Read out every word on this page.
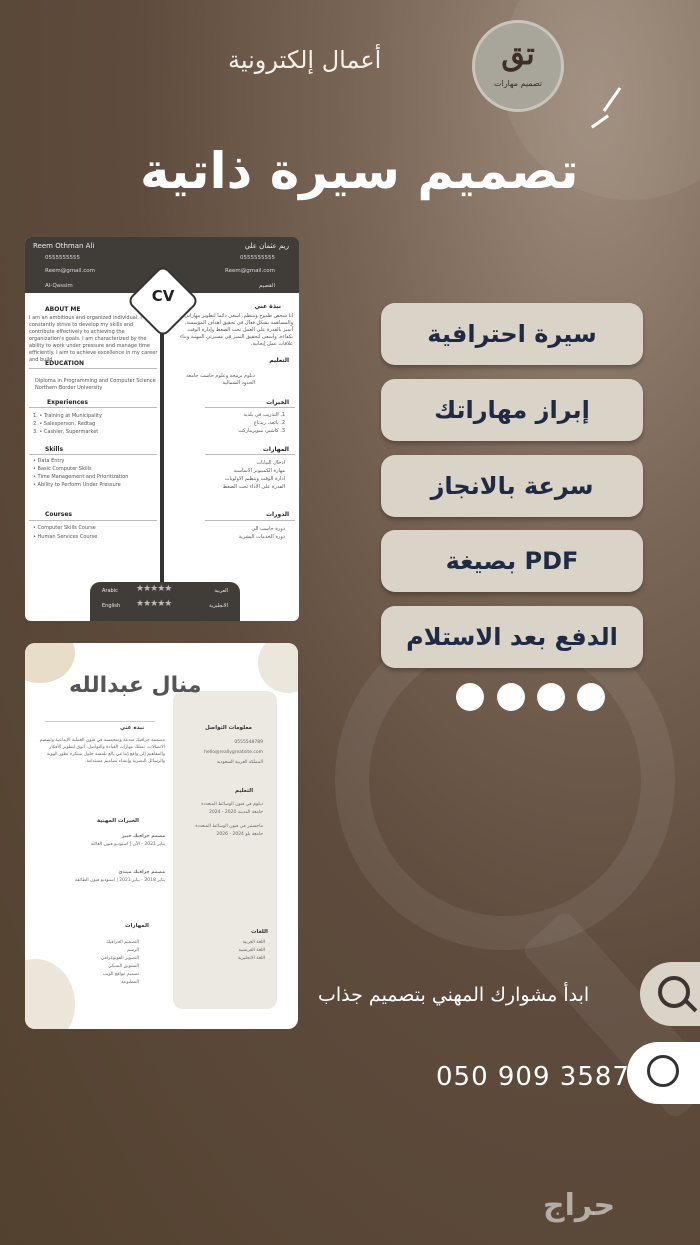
تق
تصميم مهارات
أعمال إلكترونية
تصميم سيرة ذاتية
Reem Othman Ali	ريم عثمان علي
0555555555	0555555555
Reem@gmail.com	Reem@gmail.com
Al-Qassim	القصيم
CV
ABOUT ME	نبذة عني
I am an ambitious and organized individual. I constantly strive to develop my skills and contribute effectively to achieving the organization's goals. I am characterized by the ability to work under pressure and manage time efficiently. I aim to achieve excellence in my career and build
انا شخص طموح ومنظم، اسعى دائما لتطوير مهاراتي والمساهمة بشكل فعال في تحقيق أهداف المؤسسة. أتميز بالقدرة على العمل تحت الضغط وإدارة الوقت بكفاءة، وأسعى لتحقيق التميز في مسيرتي المهنية وبناء علاقات عمل إيجابية.
EDUCATION	التعليم
Diploma in Programming and Computer Science Northern Border University
دبلوم برمجة وعلوم حاسب جامعة الحدود الشمالية
Experiences	الخبرات
1. • Training at Municipality
2. • Salesperson, Redtag
3. • Cashier, Supermarket
1. التدريب في بلدية
2. بائعة، ريدتاغ
3. كاشير، سوبرماركت
Skills	المهارات
• Data Entry
• Basic Computer Skills
• Time Management and Prioritization
• Ability to Perform Under Pressure
ادخال البيانات
مهارة الكمبيوتر الاساسية
ادارة الوقت وتنظيم الاولويات
القدرة على الأداء تحت الضغط
Courses	الدورات
• Computer Skills Course
• Human Services Course
دورة حاسب الي
دورة الخدمات البشرية
Arabic ★★★★★	العربية
English ★★★★★	الانجليزية
منال عبدالله
معلومات التواصل
0555548789
hello@reallygreatsite.com
المملكة العربية السعودية
نبذة عني
مصممة جرافيك مبدعة ومتحمسة في فنون العملية الإبداعية وتصميم الاتصالات، تمتلك مهارات القيادة والتواصل، أتوق لتطوير الأفكار والمفاهيم إلى واقع إبداعي بالغ بلمسة حلول مبتكرة تطور الهوية والرسائل البصرية وإنشاء تصاميم مستدامة.
التعليم
دبلوم في فنون الوسائط المتعددة
جامعة المدينة 2020 - 2024
ماجستير في فنون الوسائط المتعددة
جامعة بلو 2024 - 2026
الخبرات المهنية
مصمم جرافيك خبير
يناير 2021 - الآن | استوديو فنون العائلة
مصمم جرافيك مبتدئ
يناير 2018 - يناير 2021 | استوديو فنون الطائفة
المهارات
التصميم الجرافيك
الرسم
التصوير الفوتوغرافي
التسويق الشبكي
تصميم مواقع الويب
المطبوعة
اللغات
اللغة العربية
اللغة الفرنسية
اللغة الانجليزية
سيرة احترافية
إبراز مهاراتك
سرعة بالانجاز
بصيغة PDF
الدفع بعد الاستلام
ابدأ مشوارك المهني بتصميم جذاب
050 909 3587
حراج
